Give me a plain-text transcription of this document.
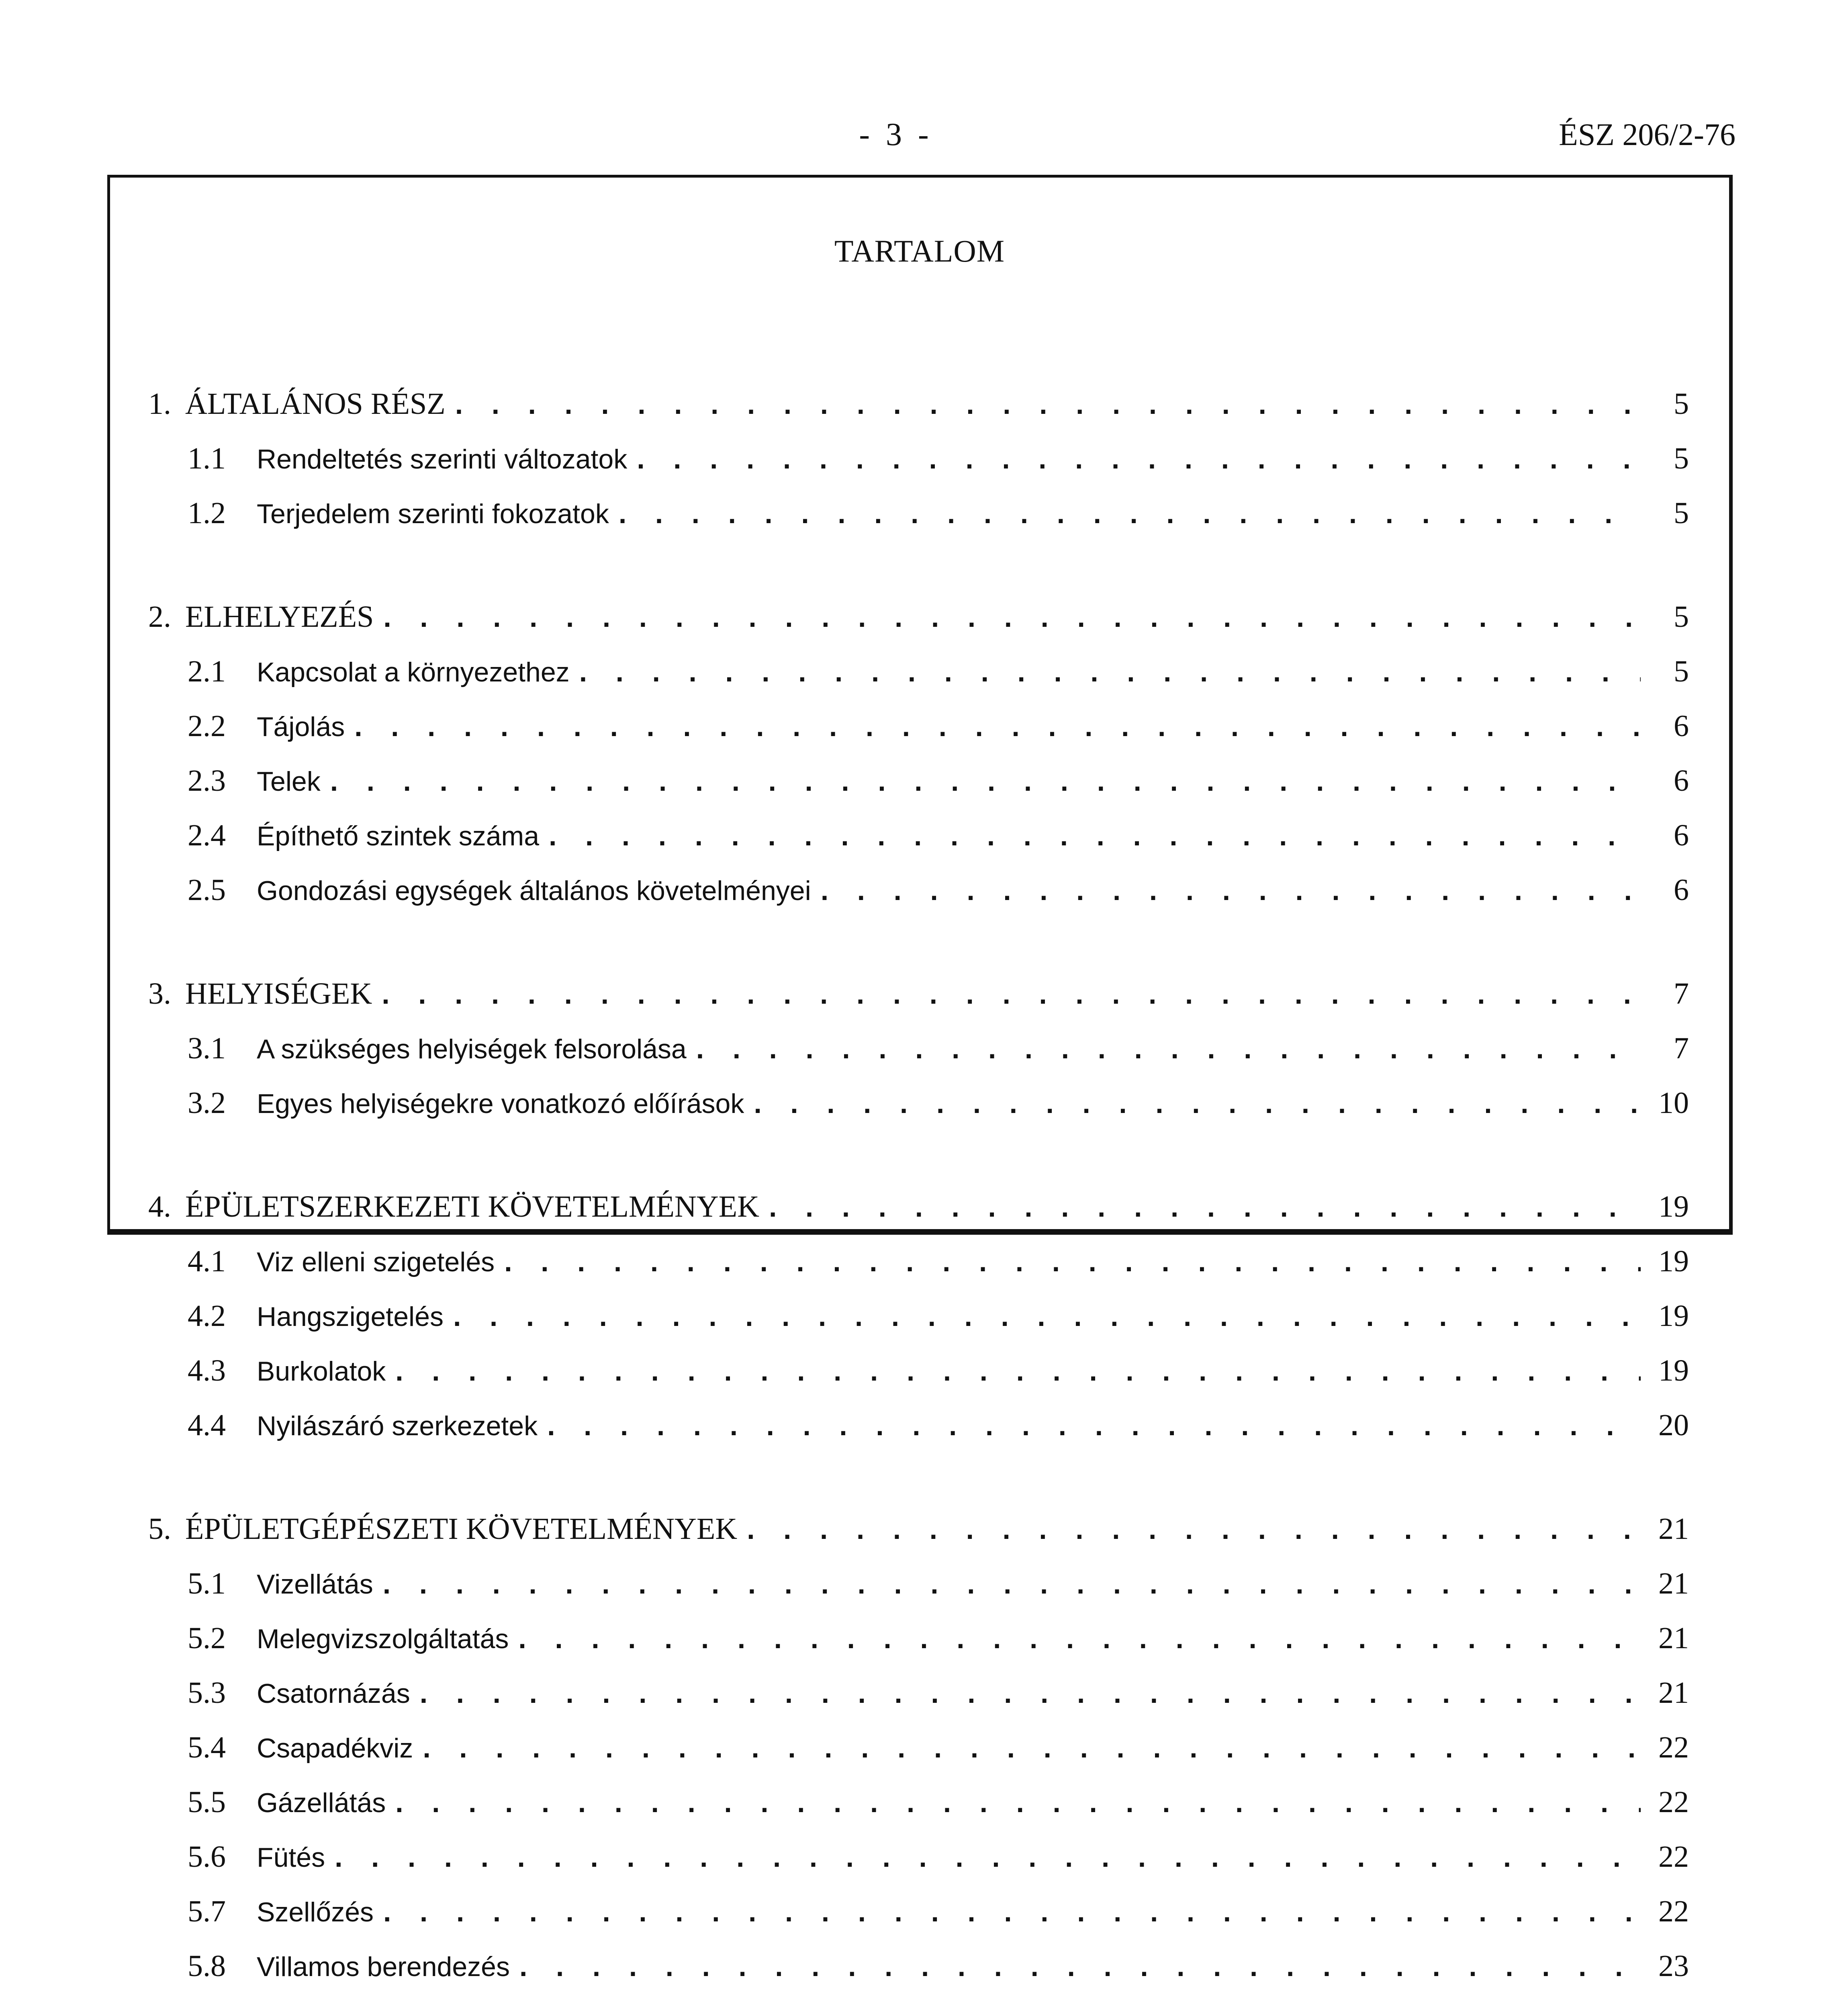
- 3 -	ÉSZ 206/2-76
TARTALOM
1. ÁLTALÁNOS RÉSZ . . .	5
1.1	Rendeltetés szerinti változatok . . .	5
1.2	Terjedelem szerinti fokozatok . . .	5
2. ELHELYEZÉS . . .	5
2.1	Kapcsolat a környezethez . . .	5
2.2	Tájolás . . .	6
2.3	Telek . . .	6
2.4	Építhető szintek száma . . .	6
2.5	Gondozási egységek általános követelményei . . .	6
3. HELYISÉGEK . . .	7
3.1	A szükséges helyiségek felsorolása . . .	7
3.2	Egyes helyiségekre vonatkozó előírások . . .	10
4. ÉPÜLETSZERKEZETI KÖVETELMÉNYEK . . .	19
4.1	Viz elleni szigetelés . . .	19
4.2	Hangszigetelés . . .	19
4.3	Burkolatok . . .	19
4.4	Nyilászáró szerkezetek . . .	20
5. ÉPÜLETGÉPÉSZETI KÖVETELMÉNYEK . . .	21
5.1	Vizellátás . . .	21
5.2	Melegvizszolgáltatás . . .	21
5.3	Csatornázás . . .	21
5.4	Csapadékviz . . .	22
5.5	Gázellátás . . .	22
5.6	Fütés . . .	22
5.7	Szellőzés . . .	22
5.8	Villamos berendezés . . .	23
